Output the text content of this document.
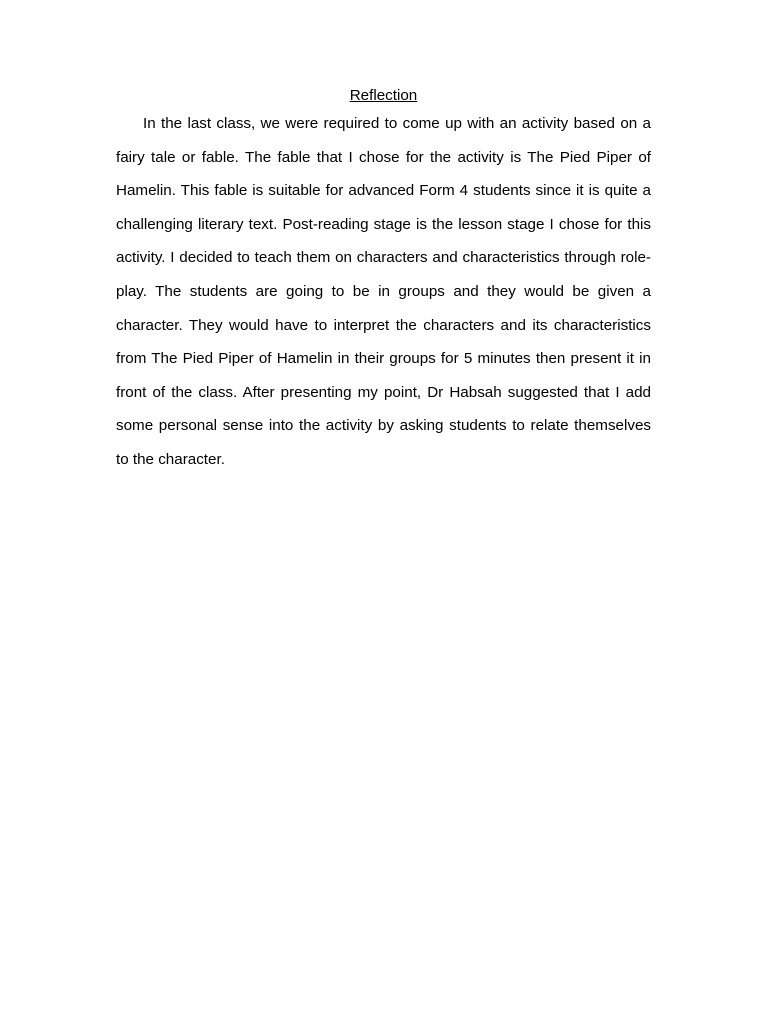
Reflection

In the last class, we were required to come up with an activity based on a fairy tale or fable. The fable that I chose for the activity is The Pied Piper of Hamelin. This fable is suitable for advanced Form 4 students since it is quite a challenging literary text. Post-reading stage is the lesson stage I chose for this activity. I decided to teach them on characters and characteristics through role-play. The students are going to be in groups and they would be given a character. They would have to interpret the characters and its characteristics from The Pied Piper of Hamelin in their groups for 5 minutes then present it in front of the class. After presenting my point, Dr Habsah suggested that I add some personal sense into the activity by asking students to relate themselves to the character.
